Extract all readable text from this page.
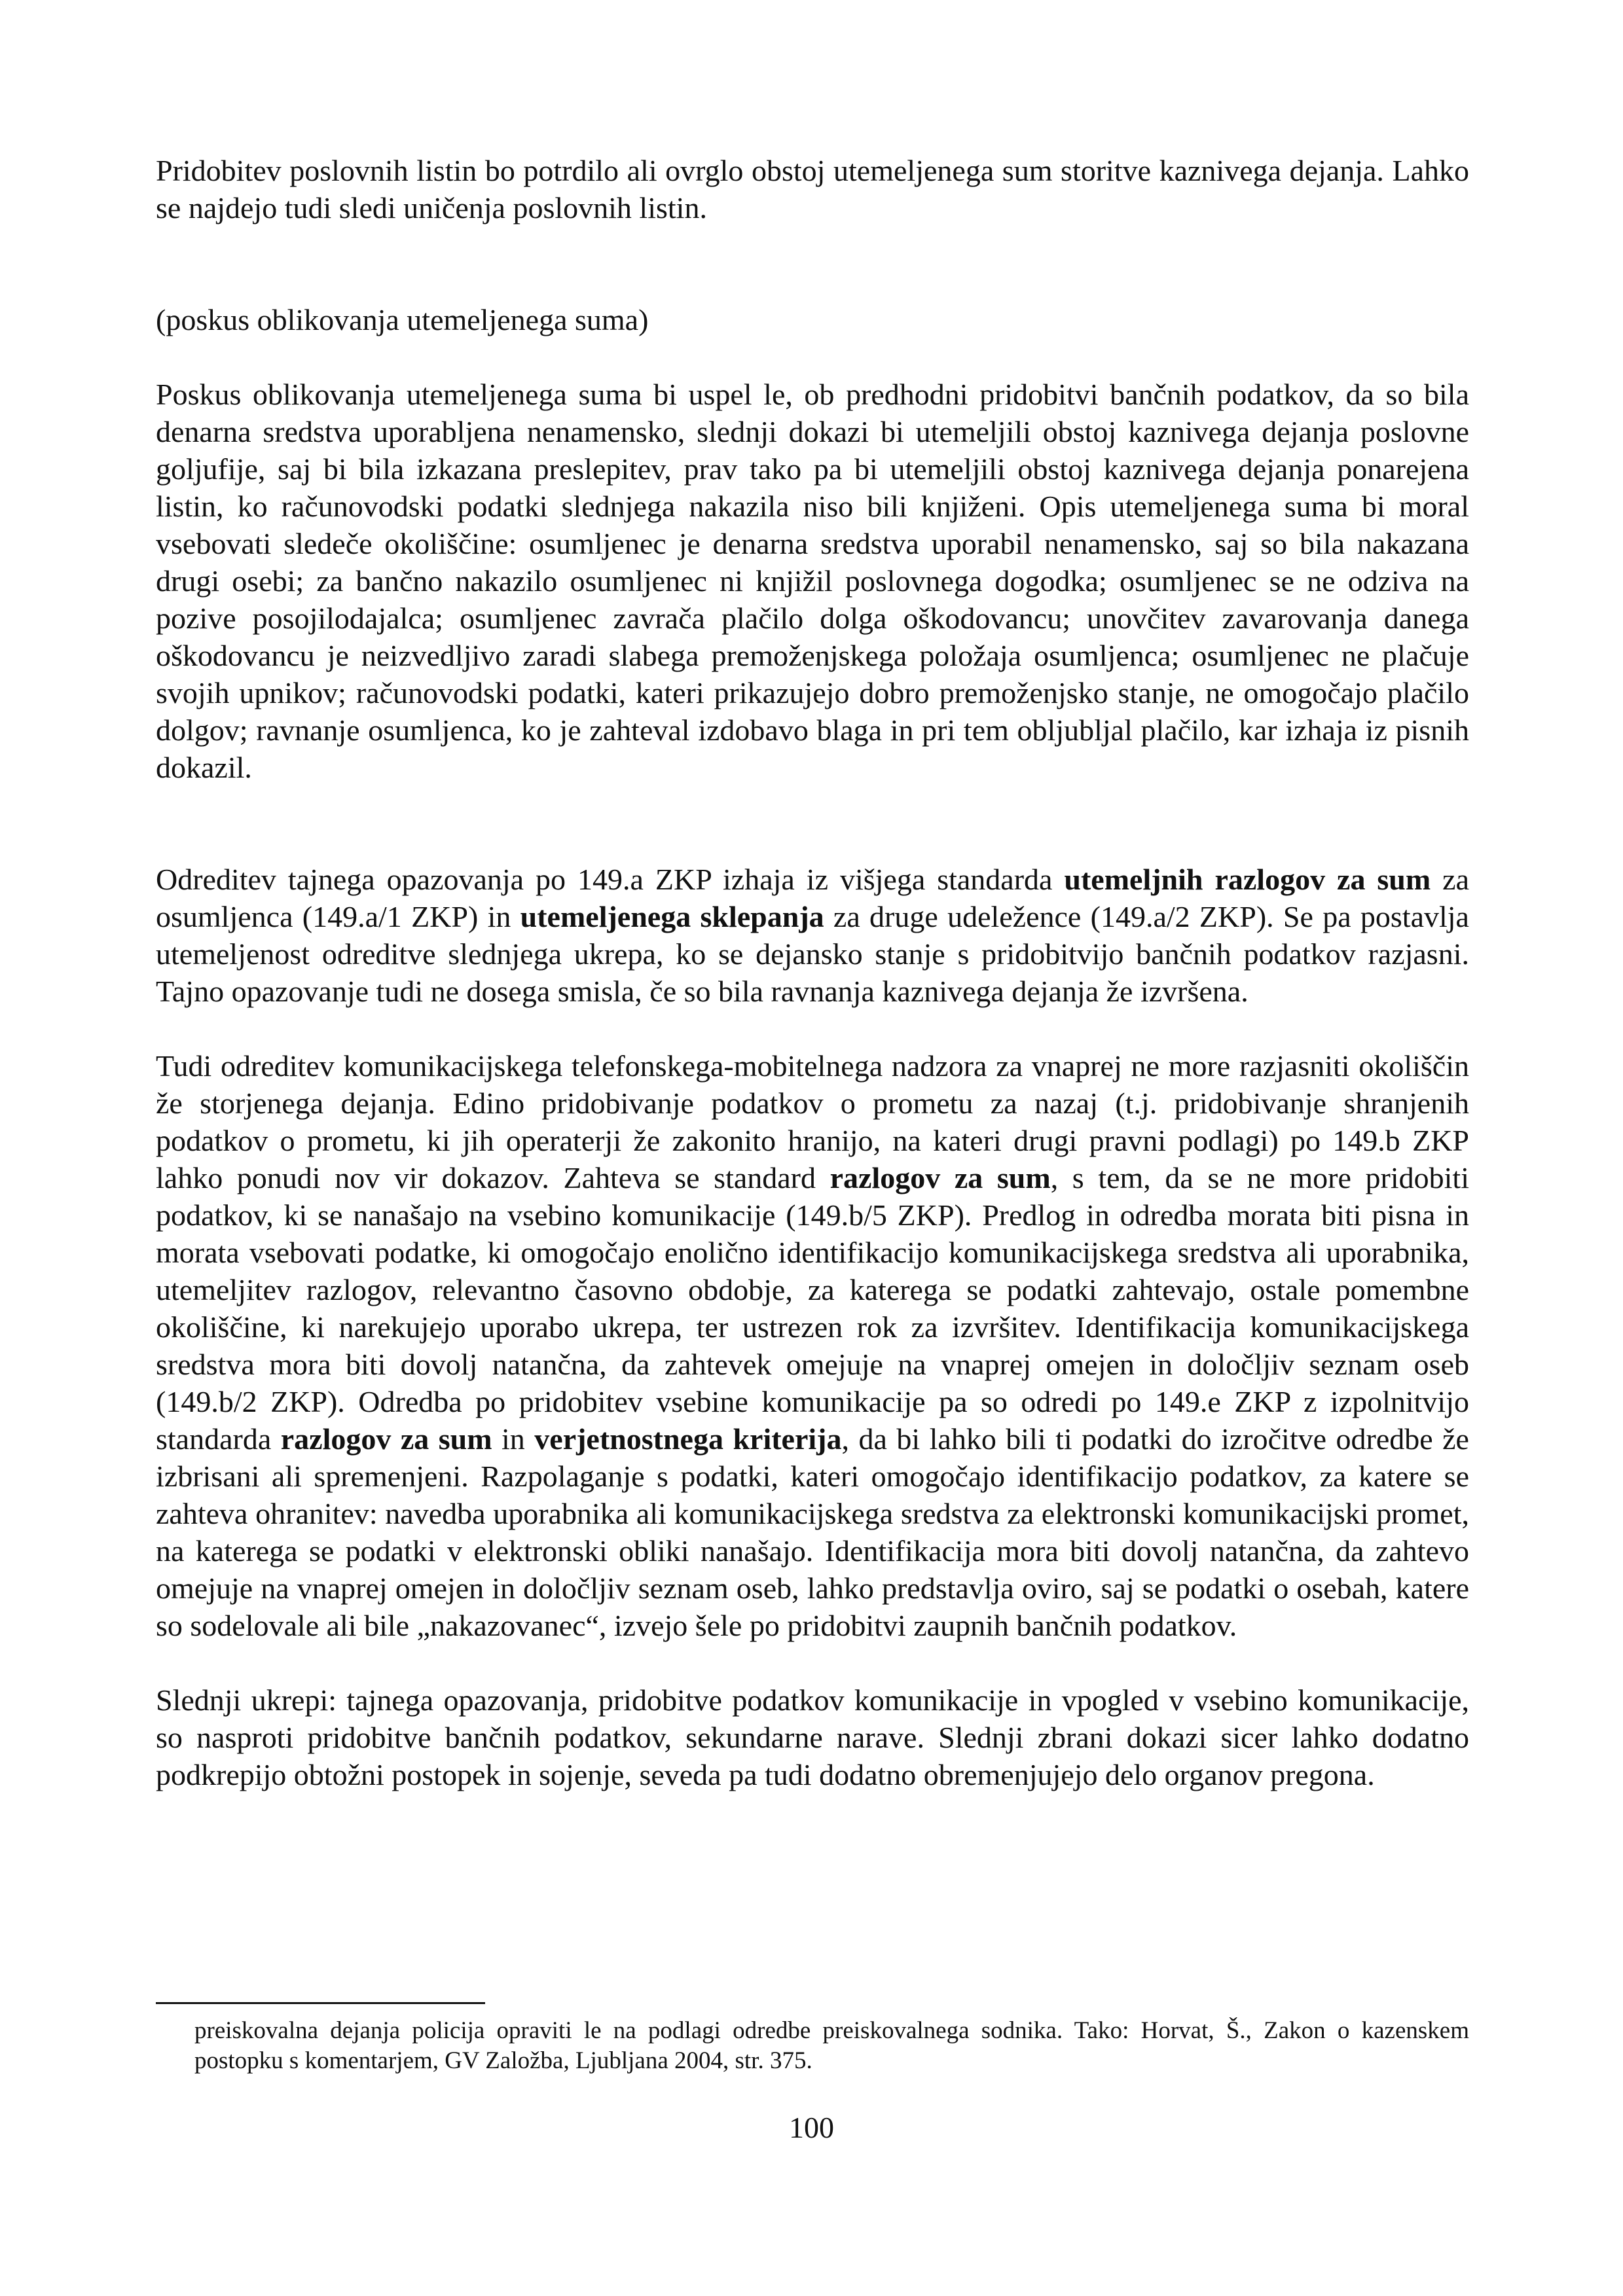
Pridobitev poslovnih listin bo potrdilo ali ovrglo obstoj utemeljenega sum storitve kaznivega dejanja. Lahko se najdejo tudi sledi uničenja poslovnih listin.

(poskus oblikovanja utemeljenega suma)

Poskus oblikovanja utemeljenega suma bi uspel le, ob predhodni pridobitvi bančnih podatkov, da so bila denarna sredstva uporabljena nenamensko, slednji dokazi bi utemeljili obstoj kaznivega dejanja poslovne goljufije, saj bi bila izkazana preslepitev, prav tako pa bi utemeljili obstoj kaznivega dejanja ponarejena listin, ko računovodski podatki slednjega nakazila niso bili knjiženi. Opis utemeljenega suma bi moral vsebovati sledeče okoliščine: osumljenec je denarna sredstva uporabil nenamensko, saj so bila nakazana drugi osebi; za bančno nakazilo osumljenec ni knjižil poslovnega dogodka; osumljenec se ne odziva na pozive posojilodajalca; osumljenec zavrača plačilo dolga oškodovancu; unovčitev zavarovanja danega oškodovancu je neizvedljivo zaradi slabega premoženjskega položaja osumljenca; osumljenec ne plačuje svojih upnikov; računovodski podatki, kateri prikazujejo dobro premoženjsko stanje, ne omogočajo plačilo dolgov; ravnanje osumljenca, ko je zahteval izdobavo blaga in pri tem obljubljal plačilo, kar izhaja iz pisnih dokazil.

Odreditev tajnega opazovanja po 149.a ZKP izhaja iz višjega standarda utemeljnih razlogov za sum za osumljenca (149.a/1 ZKP) in utemeljenega sklepanja za druge udeležence (149.a/2 ZKP). Se pa postavlja utemeljenost odreditve slednjega ukrepa, ko se dejansko stanje s pridobitvijo bančnih podatkov razjasni. Tajno opazovanje tudi ne dosega smisla, če so bila ravnanja kaznivega dejanja že izvršena.

Tudi odreditev komunikacijskega telefonskega-mobitelnega nadzora za vnaprej ne more razjasniti okoliščin že storjenega dejanja. Edino pridobivanje podatkov o prometu za nazaj (t.j. pridobivanje shranjenih podatkov o prometu, ki jih operaterji že zakonito hranijo, na kateri drugi pravni podlagi) po 149.b ZKP lahko ponudi nov vir dokazov. Zahteva se standard razlogov za sum, s tem, da se ne more pridobiti podatkov, ki se nanašajo na vsebino komunikacije (149.b/5 ZKP). Predlog in odredba morata biti pisna in morata vsebovati podatke, ki omogočajo enolično identifikacijo komunikacijskega sredstva ali uporabnika, utemeljitev razlogov, relevantno časovno obdobje, za katerega se podatki zahtevajo, ostale pomembne okoliščine, ki narekujejo uporabo ukrepa, ter ustrezen rok za izvršitev. Identifikacija komunikacijskega sredstva mora biti dovolj natančna, da zahtevek omejuje na vnaprej omejen in določljiv seznam oseb (149.b/2 ZKP). Odredba po pridobitev vsebine komunikacije pa so odredi po 149.e ZKP z izpolnitvijo standarda razlogov za sum in verjetnostnega kriterija, da bi lahko bili ti podatki do izročitve odredbe že izbrisani ali spremenjeni. Razpolaganje s podatki, kateri omogočajo identifikacijo podatkov, za katere se zahteva ohranitev: navedba uporabnika ali komunikacijskega sredstva za elektronski komunikacijski promet, na katerega se podatki v elektronski obliki nanašajo. Identifikacija mora biti dovolj natančna, da zahtevo omejuje na vnaprej omejen in določljiv seznam oseb, lahko predstavlja oviro, saj se podatki o osebah, katere so sodelovale ali bile „nakazovanec“, izvejo šele po pridobitvi zaupnih bančnih podatkov.

Slednji ukrepi: tajnega opazovanja, pridobitve podatkov komunikacije in vpogled v vsebino komunikacije, so nasproti pridobitve bančnih podatkov, sekundarne narave. Slednji zbrani dokazi sicer lahko dodatno podkrepijo obtožni postopek in sojenje, seveda pa tudi dodatno obremenjujejo delo organov pregona.

preiskovalna dejanja policija opraviti le na podlagi odredbe preiskovalnega sodnika. Tako: Horvat, Š., Zakon o kazenskem postopku s komentarjem, GV Založba, Ljubljana 2004, str. 375.
100
